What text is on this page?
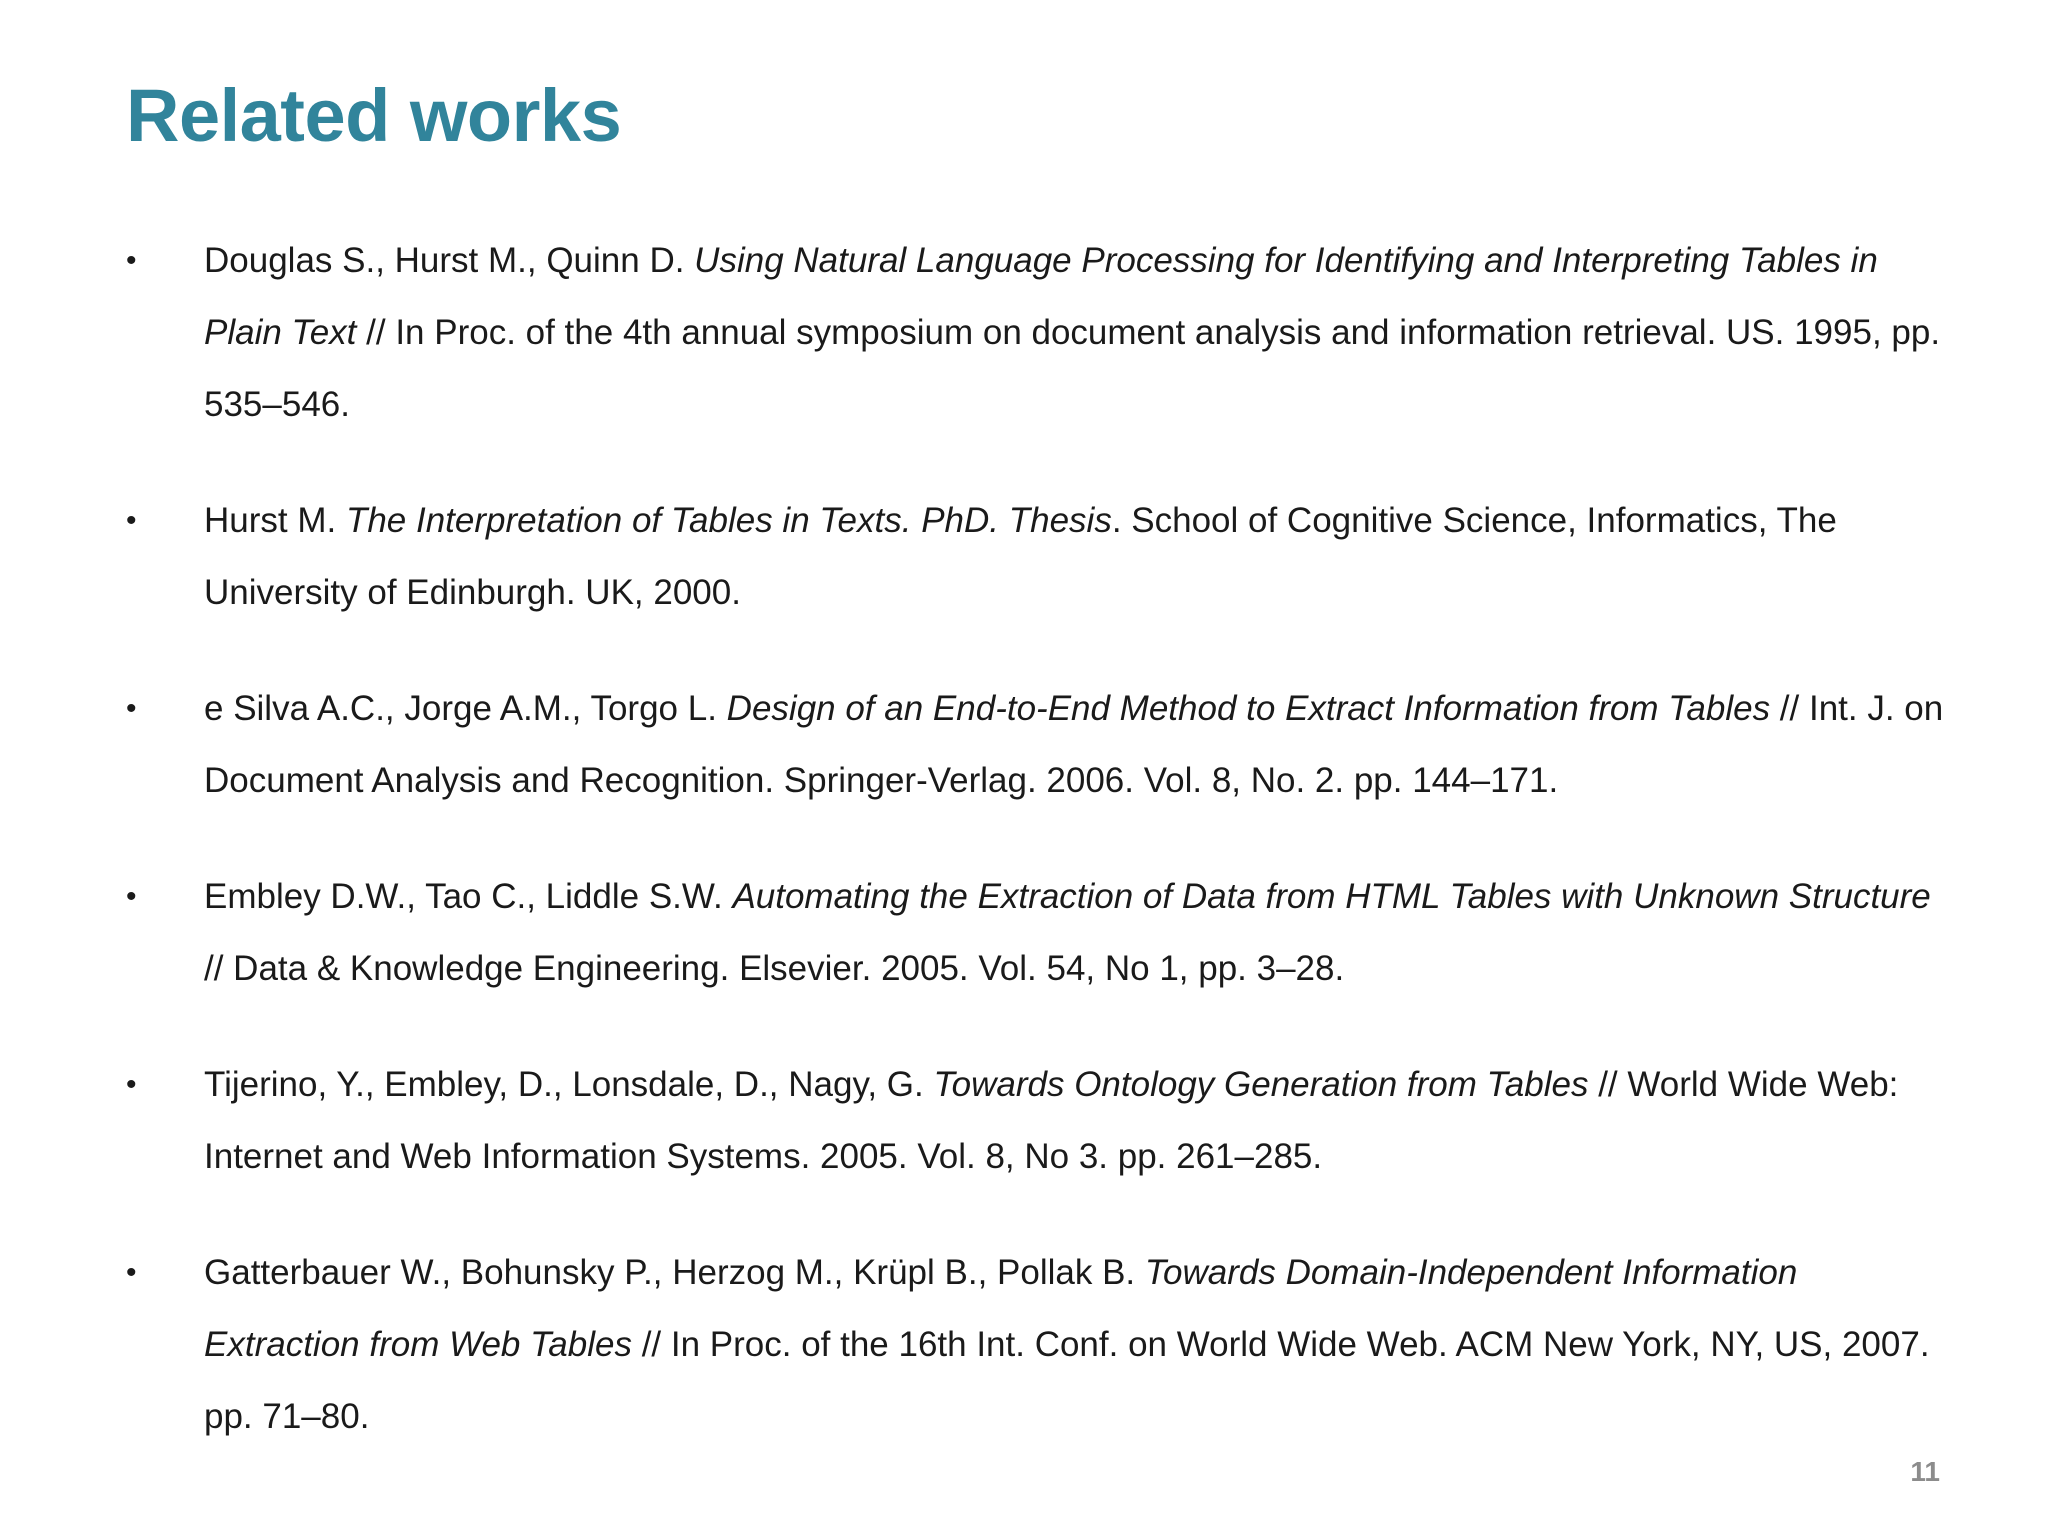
Related works
•	Douglas S., Hurst M., Quinn D. Using Natural Language Processing for Identifying and Interpreting Tables in Plain Text // In Proc. of the 4th annual symposium on document analysis and information retrieval. US. 1995, pp. 535–546.
•	Hurst M. The Interpretation of Tables in Texts. PhD. Thesis. School of Cognitive Science, Informatics, The University of Edinburgh. UK, 2000.
•	e Silva A.C., Jorge A.M., Torgo L. Design of an End-to-End Method to Extract Information from Tables // Int. J. on Document Analysis and Recognition. Springer-Verlag. 2006. Vol. 8, No. 2. pp. 144–171.
•	Embley D.W., Tao C., Liddle S.W. Automating the Extraction of Data from HTML Tables with Unknown Structure // Data & Knowledge Engineering. Elsevier. 2005. Vol. 54, No 1, pp. 3–28.
•	Tijerino, Y., Embley, D., Lonsdale, D., Nagy, G. Towards Ontology Generation from Tables // World Wide Web: Internet and Web Information Systems. 2005. Vol. 8, No 3. pp. 261–285.
•	Gatterbauer W., Bohunsky P., Herzog M., Krüpl B., Pollak B. Towards Domain-Independent Information Extraction from Web Tables // In Proc. of the 16th Int. Conf. on World Wide Web. ACM New York, NY, US, 2007. pp. 71–80.
11
